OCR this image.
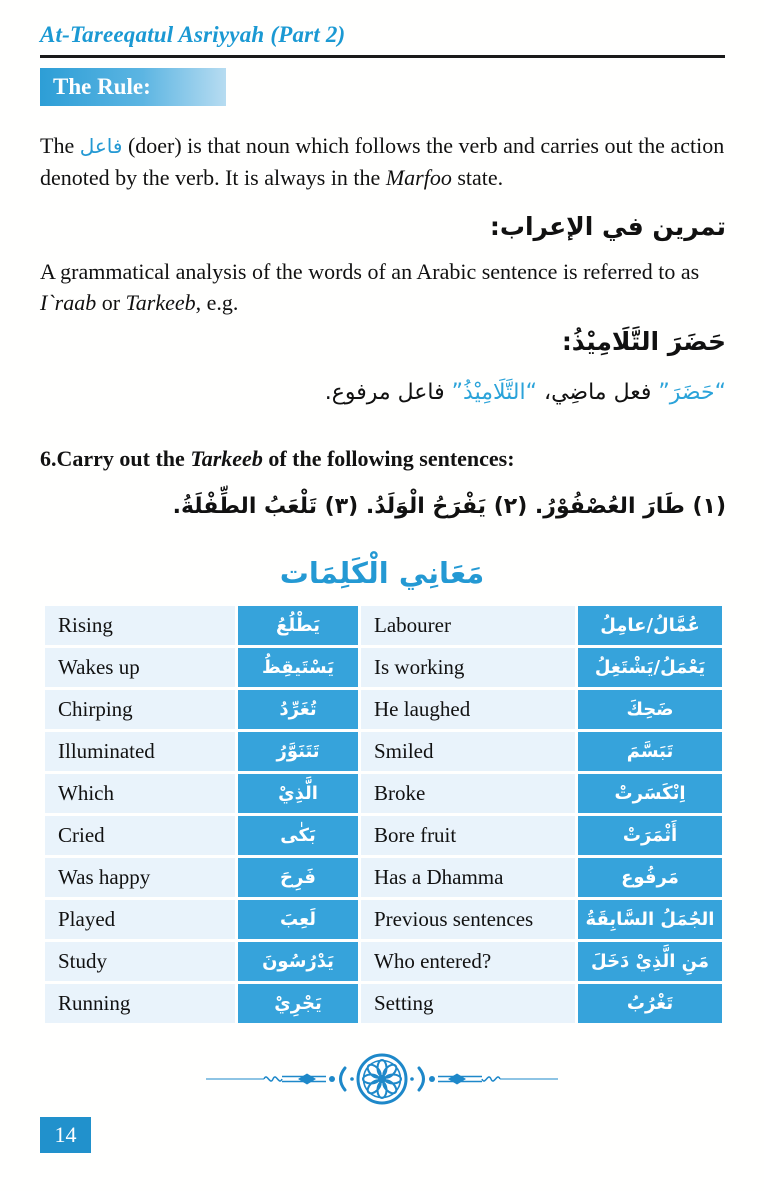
At-Tareeqatul Asriyyah (Part 2)
The Rule:
The فاعل (doer) is that noun which follows the verb and carries out the action denoted by the verb. It is always in the Marfoo state.
تمرين في الإعراب:
A grammatical analysis of the words of an Arabic sentence is referred to as I`raab or Tarkeeb, e.g.
حَضَرَ التَّلَامِيْذُ:
“حَضَرَ” فعل ماضِي، “التَّلَامِيْذُ” فاعل مرفوع.
6.Carry out the Tarkeeb of the following sentences:
(١) طَارَ العُصْفُوْرُ. (٢) يَفْرَحُ الْوَلَدُ. (٣) تَلْعَبُ الطِّفْلَةُ.
مَعَانِي الْكَلِمَات
Rising	يَطْلُعُ	Labourer	عُمَّالُ/عامِلُ
Wakes up	يَسْتَيقِظُ	Is working	يَعْمَلُ/يَشْتَغِلُ
Chirping	تُغَرِّدُ	He laughed	ضَحِكَ
Illuminated	تَتَنَوَّرُ	Smiled	تَبَسَّمَ
Which	الَّذِيْ	Broke	اِنْكَسَرتْ
Cried	بَكٰى	Bore fruit	أَثْمَرَتْ
Was happy	فَرِحَ	Has a Dhamma	مَرفُوع
Played	لَعِبَ	Previous sentences	الجُمَلُ السَّابِقَةُ
Study	يَدْرُسُونَ	Who entered?	مَنِ الَّذِيْ دَخَلَ
Running	يَجْرِيْ	Setting	تَغْرُبُ
14
